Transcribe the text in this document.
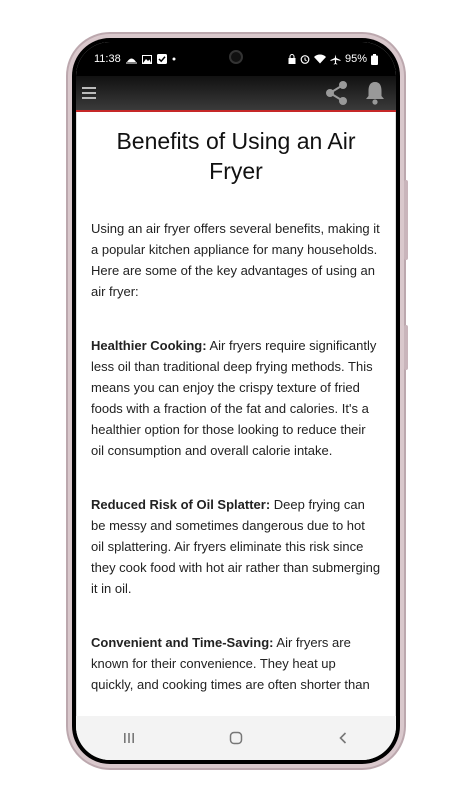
11:38	95%
Benefits of Using an Air Fryer

Using an air fryer offers several benefits, making it a popular kitchen appliance for many households. Here are some of the key advantages of using an air fryer:

Healthier Cooking: Air fryers require significantly less oil than traditional deep frying methods. This means you can enjoy the crispy texture of fried foods with a fraction of the fat and calories. It's a healthier option for those looking to reduce their oil consumption and overall calorie intake.

Reduced Risk of Oil Splatter: Deep frying can be messy and sometimes dangerous due to hot oil splattering. Air fryers eliminate this risk since they cook food with hot air rather than submerging it in oil.

Convenient and Time-Saving: Air fryers are known for their convenience. They heat up quickly, and cooking times are often shorter than
